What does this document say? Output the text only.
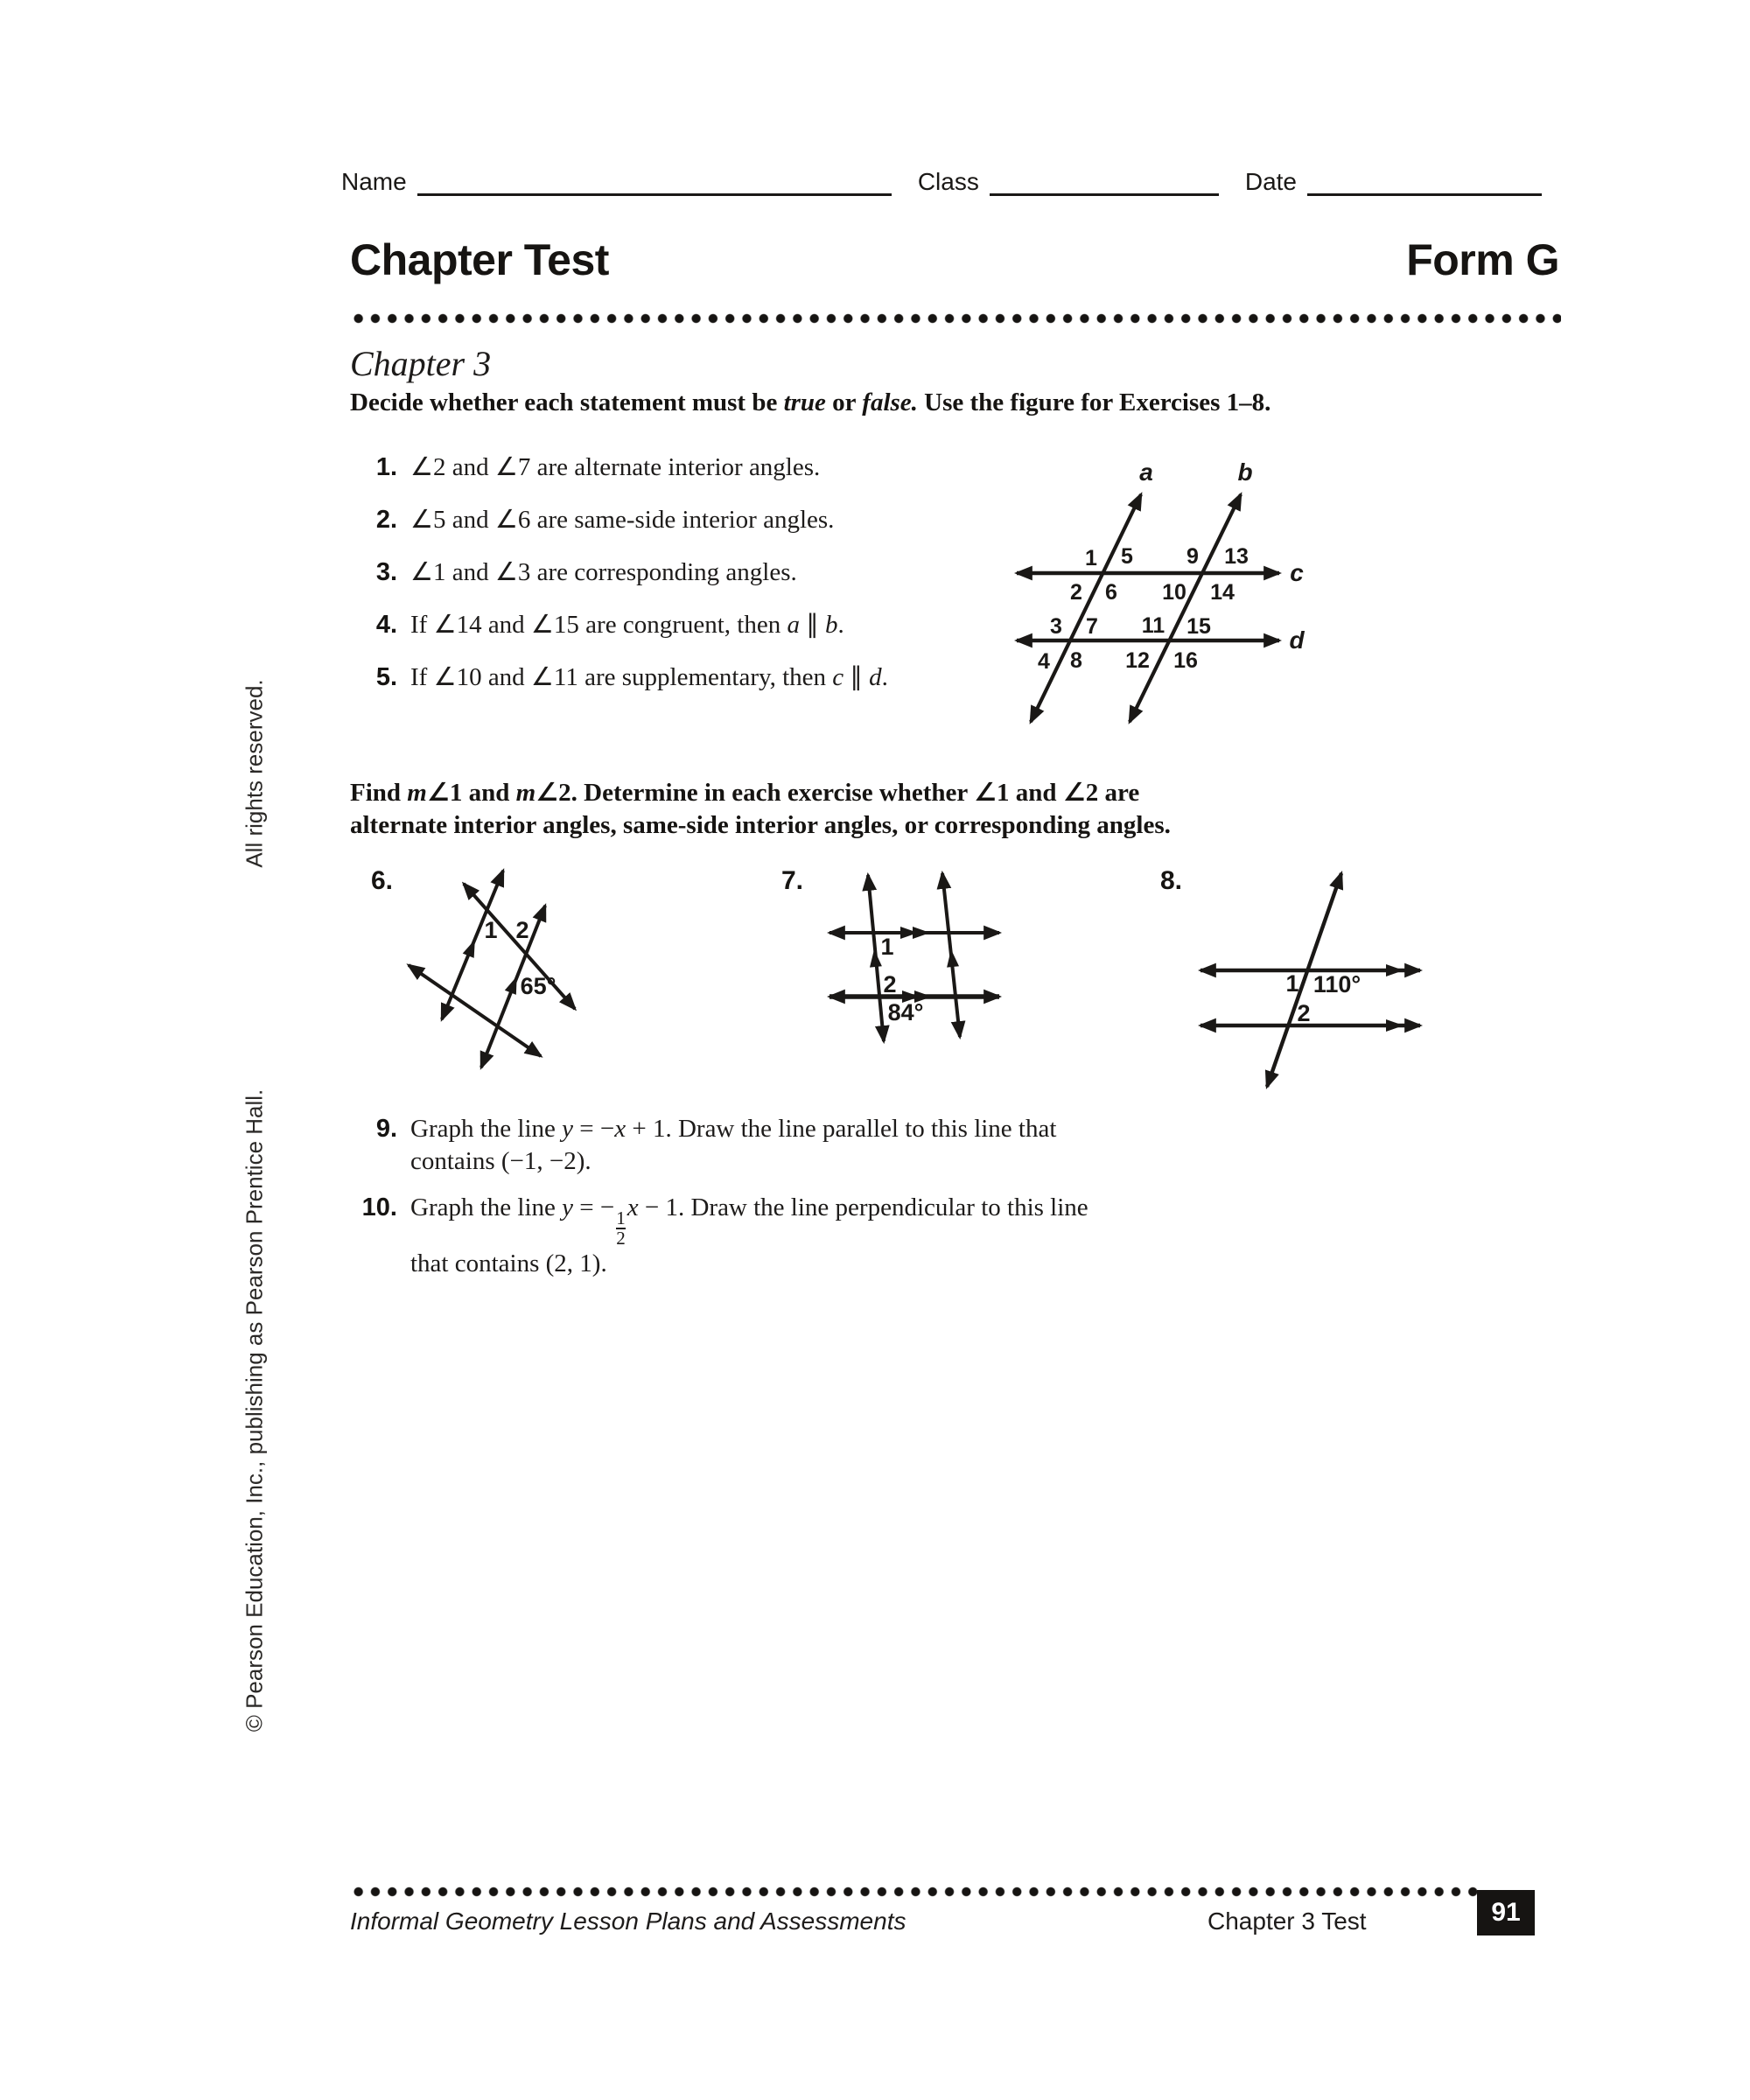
Name	Class	Date
Chapter Test	Form G
Chapter 3
Decide whether each statement must be true or false. Use the figure for Exercises 1–8.
1. ∠2 and ∠7 are alternate interior angles.
2. ∠5 and ∠6 are same-side interior angles.
3. ∠1 and ∠3 are corresponding angles.
4. If ∠14 and ∠15 are congruent, then a ∥ b.
5. If ∠10 and ∠11 are supplementary, then c ∥ d.
a	b
c
d
1 5 9 13
2 6 10 14
3 7 11 15
4 8 12 16
Find m∠1 and m∠2. Determine in each exercise whether ∠1 and ∠2 are
alternate interior angles, same-side interior angles, or corresponding angles.
6.
1 2
65°
7.
1
2
84°
8.
1 110°
2
9. Graph the line y = −x + 1. Draw the line parallel to this line that
contains (−1, −2).
10. Graph the line y = −
$\frac{1}{2}$
x − 1. Draw the line perpendicular to this line
that contains (2, 1).
All rights reserved.
© Pearson Education, Inc., publishing as Pearson Prentice Hall.
Informal Geometry Lesson Plans and Assessments	Chapter 3 Test	91
